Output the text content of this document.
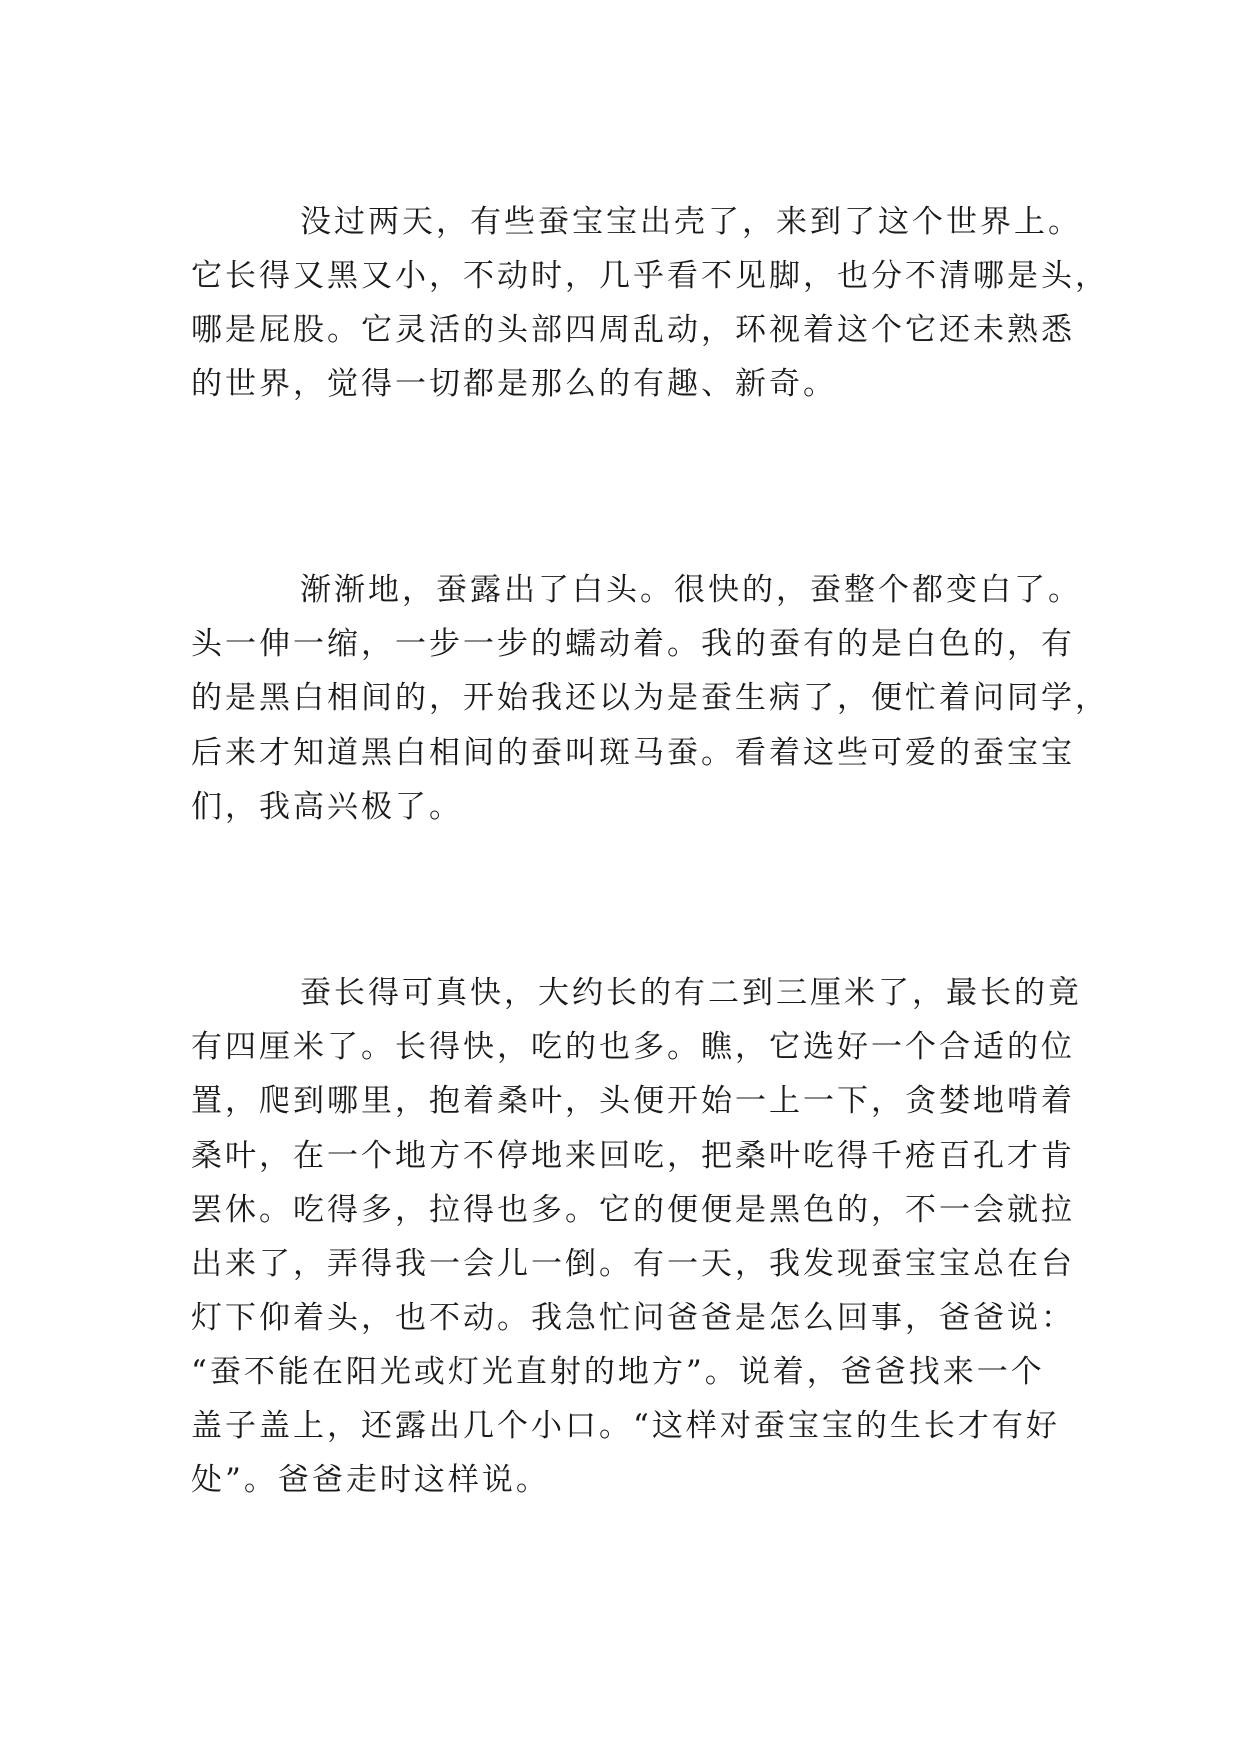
没过两天，有些蚕宝宝出壳了，来到了这个世界上。
它长得又黑又小，不动时，几乎看不见脚，也分不清哪是头，
哪是屁股。它灵活的头部四周乱动，环视着这个它还未熟悉
的世界，觉得一切都是那么的有趣、新奇。
渐渐地，蚕露出了白头。很快的，蚕整个都变白了。
头一伸一缩，一步一步的蠕动着。我的蚕有的是白色的，有
的是黑白相间的，开始我还以为是蚕生病了，便忙着问同学，
后来才知道黑白相间的蚕叫斑马蚕。看着这些可爱的蚕宝宝
们，我高兴极了。
蚕长得可真快，大约长的有二到三厘米了，最长的竟
有四厘米了。长得快，吃的也多。瞧，它选好一个合适的位
置，爬到哪里，抱着桑叶，头便开始一上一下，贪婪地啃着
桑叶，在一个地方不停地来回吃，把桑叶吃得千疮百孔才肯
罢休。吃得多，拉得也多。它的便便是黑色的，不一会就拉
出来了，弄得我一会儿一倒。有一天，我发现蚕宝宝总在台
灯下仰着头，也不动。我急忙问爸爸是怎么回事，爸爸说：
“蚕不能在阳光或灯光直射的地方”。说着，爸爸找来一个
盖子盖上，还露出几个小口。“这样对蚕宝宝的生长才有好
处”。爸爸走时这样说。
